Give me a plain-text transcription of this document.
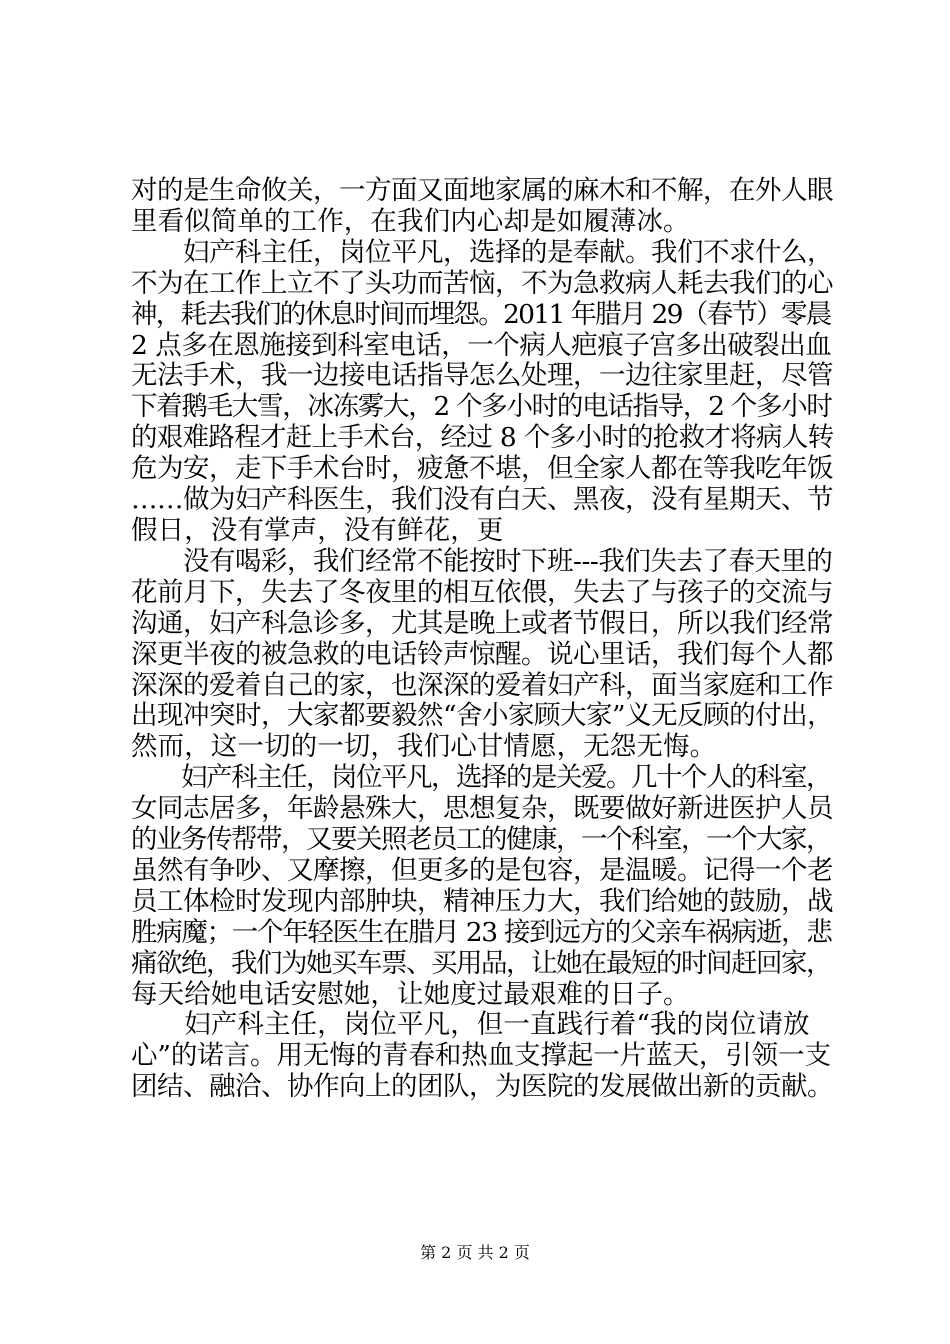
对的是生命攸关，一方面又面地家属的麻木和不解，在外人眼
里看似简单的工作，在我们内心却是如履薄冰。
　　妇产科主任，岗位平凡，选择的是奉献。我们不求什么，
不为在工作上立不了头功而苦恼，不为急救病人耗去我们的心
神，耗去我们的休息时间而埋怨。2011 年腊月 29（春节）零晨
2 点多在恩施接到科室电话，一个病人疤痕子宫多出破裂出血
无法手术，我一边接电话指导怎么处理，一边往家里赶，尽管
下着鹅毛大雪，冰冻雾大，2 个多小时的电话指导，2 个多小时
的艰难路程才赶上手术台，经过 8 个多小时的抢救才将病人转
危为安，走下手术台时，疲惫不堪，但全家人都在等我吃年饭
……做为妇产科医生，我们没有白天、黑夜，没有星期天、节
假日，没有掌声，没有鲜花，更
　　没有喝彩，我们经常不能按时下班---我们失去了春天里的
花前月下，失去了冬夜里的相互依偎，失去了与孩子的交流与
沟通，妇产科急诊多，尤其是晚上或者节假日，所以我们经常
深更半夜的被急救的电话铃声惊醒。说心里话，我们每个人都
深深的爱着自己的家，也深深的爱着妇产科，面当家庭和工作
出现冲突时，大家都要毅然“舍小家顾大家”义无反顾的付出，
然而，这一切的一切，我们心甘情愿，无怨无悔。
　　妇产科主任，岗位平凡，选择的是关爱。几十个人的科室，
女同志居多，年龄悬殊大，思想复杂，既要做好新进医护人员
的业务传帮带，又要关照老员工的健康，一个科室，一个大家，
虽然有争吵、又摩擦，但更多的是包容，是温暖。记得一个老
员工体检时发现内部肿块，精神压力大，我们给她的鼓励，战
胜病魔；一个年轻医生在腊月 23 接到远方的父亲车祸病逝，悲
痛欲绝，我们为她买车票、买用品，让她在最短的时间赶回家，
每天给她电话安慰她，让她度过最艰难的日子。
　　妇产科主任，岗位平凡，但一直践行着“我的岗位请放
心”的诺言。用无悔的青春和热血支撑起一片蓝天，引领一支
团结、融洽、协作向上的团队，为医院的发展做出新的贡献。
第 2 页 共 2 页
